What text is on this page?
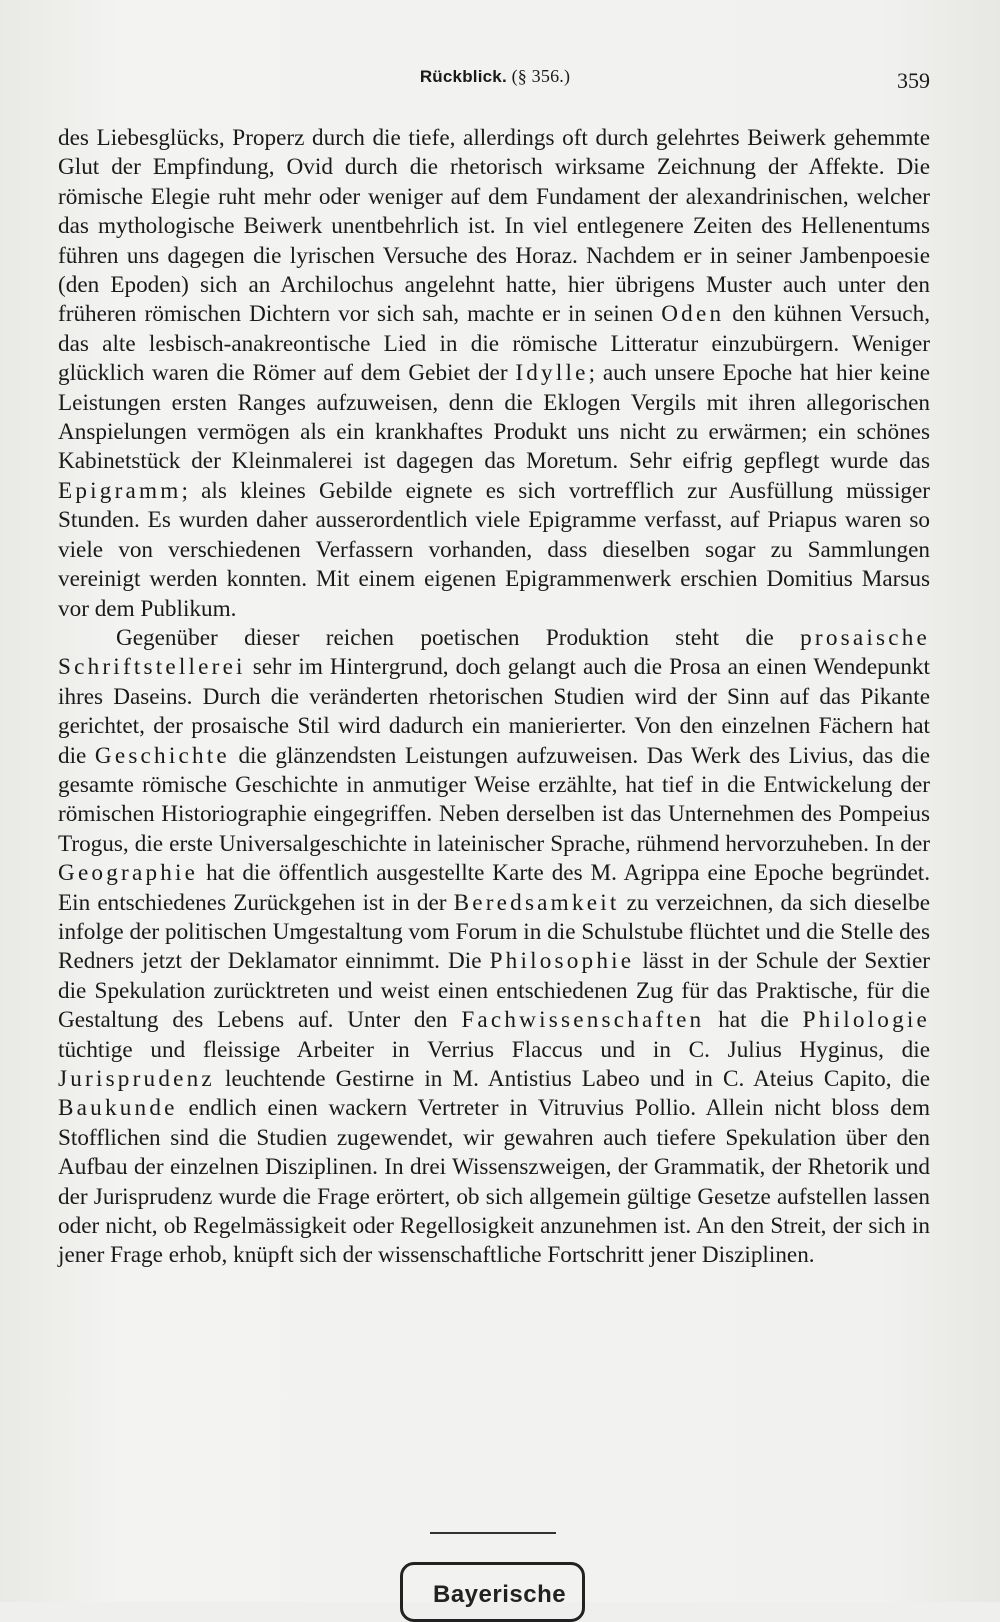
Rückblick. (§ 356.)	359

des Liebesglücks, Properz durch die tiefe, allerdings oft durch gelehrtes Beiwerk gehemmte Glut der Empfindung, Ovid durch die rhetorisch wirksame Zeichnung der Affekte. Die römische Elegie ruht mehr oder weniger auf dem Fundament der alexandrinischen, welcher das mythologische Beiwerk unentbehrlich ist. In viel entlegenere Zeiten des Hellenentums führen uns dagegen die lyrischen Versuche des Horaz. Nachdem er in seiner Jambenpoesie (den Epoden) sich an Archilochus angelehnt hatte, hier übrigens Muster auch unter den früheren römischen Dichtern vor sich sah, machte er in seinen Oden den kühnen Versuch, das alte lesbisch-anakreontische Lied in die römische Litteratur einzubürgern. Weniger glücklich waren die Römer auf dem Gebiet der Idylle; auch unsere Epoche hat hier keine Leistungen ersten Ranges aufzuweisen, denn die Eklogen Vergils mit ihren allegorischen Anspielungen vermögen als ein krankhaftes Produkt uns nicht zu erwärmen; ein schönes Kabinetstück der Kleinmalerei ist dagegen das Moretum. Sehr eifrig gepflegt wurde das Epigramm; als kleines Gebilde eignete es sich vortrefflich zur Ausfüllung müssiger Stunden. Es wurden daher ausserordentlich viele Epigramme verfasst, auf Priapus waren so viele von verschiedenen Verfassern vorhanden, dass dieselben sogar zu Sammlungen vereinigt werden konnten. Mit einem eigenen Epigrammenwerk erschien Domitius Marsus vor dem Publikum.

Gegenüber dieser reichen poetischen Produktion steht die prosaische Schriftstellerei sehr im Hintergrund, doch gelangt auch die Prosa an einen Wendepunkt ihres Daseins. Durch die veränderten rhetorischen Studien wird der Sinn auf das Pikante gerichtet, der prosaische Stil wird dadurch ein manierierter. Von den einzelnen Fächern hat die Geschichte die glänzendsten Leistungen aufzuweisen. Das Werk des Livius, das die gesamte römische Geschichte in anmutiger Weise erzählte, hat tief in die Entwickelung der römischen Historiographie eingegriffen. Neben derselben ist das Unternehmen des Pompeius Trogus, die erste Universalgeschichte in lateinischer Sprache, rühmend hervorzuheben. In der Geographie hat die öffentlich ausgestellte Karte des M. Agrippa eine Epoche begründet. Ein entschiedenes Zurückgehen ist in der Beredsamkeit zu verzeichnen, da sich dieselbe infolge der politischen Umgestaltung vom Forum in die Schulstube flüchtet und die Stelle des Redners jetzt der Deklamator einnimmt. Die Philosophie lässt in der Schule der Sextier die Spekulation zurücktreten und weist einen entschiedenen Zug für das Praktische, für die Gestaltung des Lebens auf. Unter den Fachwissenschaften hat die Philologie tüchtige und fleissige Arbeiter in Verrius Flaccus und in C. Julius Hyginus, die Jurisprudenz leuchtende Gestirne in M. Antistius Labeo und in C. Ateius Capito, die Baukunde endlich einen wackern Vertreter in Vitruvius Pollio. Allein nicht bloss dem Stofflichen sind die Studien zugewendet, wir gewahren auch tiefere Spekulation über den Aufbau der einzelnen Disziplinen. In drei Wissenszweigen, der Grammatik, der Rhetorik und der Jurisprudenz wurde die Frage erörtert, ob sich allgemein gültige Gesetze aufstellen lassen oder nicht, ob Regelmässigkeit oder Regellosigkeit anzunehmen ist. An den Streit, der sich in jener Frage erhob, knüpft sich der wissenschaftliche Fortschritt jener Disziplinen.

Bayerische
